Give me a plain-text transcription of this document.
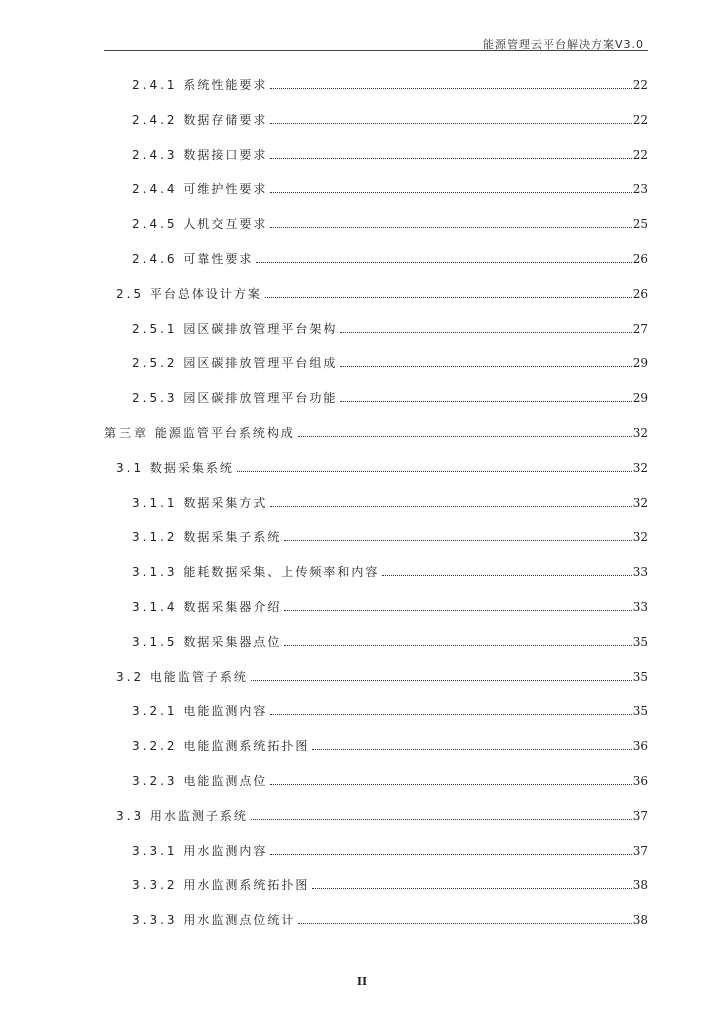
能源管理云平台解决方案V3.0
2.4.1 系统性能要求	22
2.4.2 数据存储要求	22
2.4.3 数据接口要求	22
2.4.4 可维护性要求	23
2.4.5 人机交互要求	25
2.4.6 可靠性要求	26
2.5 平台总体设计方案	26
2.5.1 园区碳排放管理平台架构	27
2.5.2 园区碳排放管理平台组成	29
2.5.3 园区碳排放管理平台功能	29
第三章 能源监管平台系统构成	32
3.1 数据采集系统	32
3.1.1 数据采集方式	32
3.1.2 数据采集子系统	32
3.1.3 能耗数据采集、上传频率和内容	33
3.1.4 数据采集器介绍	33
3.1.5 数据采集器点位	35
3.2 电能监管子系统	35
3.2.1 电能监测内容	35
3.2.2 电能监测系统拓扑图	36
3.2.3 电能监测点位	36
3.3 用水监测子系统	37
3.3.1 用水监测内容	37
3.3.2 用水监测系统拓扑图	38
3.3.3 用水监测点位统计	38
II
